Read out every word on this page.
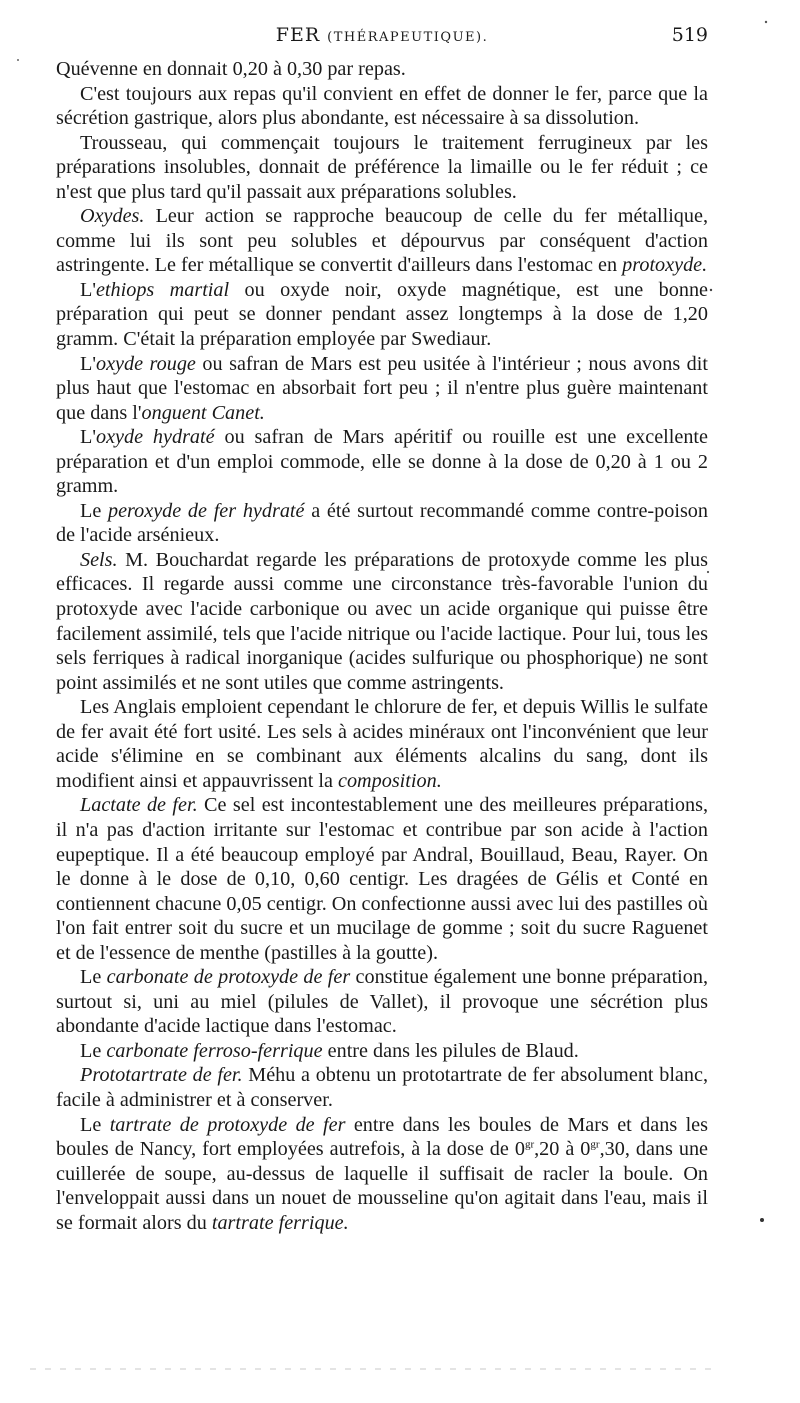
FER (THÉRAPEUTIQUE).	519

Quévenne en donnait 0,20 à 0,30 par repas.

C'est toujours aux repas qu'il convient en effet de donner le fer, parce que la sécrétion gastrique, alors plus abondante, est nécessaire à sa dissolution.

Trousseau, qui commençait toujours le traitement ferrugineux par les préparations insolubles, donnait de préférence la limaille ou le fer réduit ; ce n'est que plus tard qu'il passait aux préparations solubles.

Oxydes. Leur action se rapproche beaucoup de celle du fer métallique, comme lui ils sont peu solubles et dépourvus par conséquent d'action astringente. Le fer métallique se convertit d'ailleurs dans l'estomac en protoxyde.

L'ethiops martial ou oxyde noir, oxyde magnétique, est une bonne préparation qui peut se donner pendant assez longtemps à la dose de 1,20 gramm. C'était la préparation employée par Swediaur.

L'oxyde rouge ou safran de Mars est peu usitée à l'intérieur ; nous avons dit plus haut que l'estomac en absorbait fort peu ; il n'entre plus guère maintenant que dans l'onguent Canet.

L'oxyde hydraté ou safran de Mars apéritif ou rouille est une excellente préparation et d'un emploi commode, elle se donne à la dose de 0,20 à 1 ou 2 gramm.

Le peroxyde de fer hydraté a été surtout recommandé comme contre-poison de l'acide arsénieux.

Sels. M. Bouchardat regarde les préparations de protoxyde comme les plus efficaces. Il regarde aussi comme une circonstance très-favorable l'union du protoxyde avec l'acide carbonique ou avec un acide organique qui puisse être facilement assimilé, tels que l'acide nitrique ou l'acide lactique. Pour lui, tous les sels ferriques à radical inorganique (acides sulfurique ou phosphorique) ne sont point assimilés et ne sont utiles que comme astringents.

Les Anglais emploient cependant le chlorure de fer, et depuis Willis le sulfate de fer avait été fort usité. Les sels à acides minéraux ont l'inconvénient que leur acide s'élimine en se combinant aux éléments alcalins du sang, dont ils modifient ainsi et appauvrissent la composition.

Lactate de fer. Ce sel est incontestablement une des meilleures préparations, il n'a pas d'action irritante sur l'estomac et contribue par son acide à l'action eupeptique. Il a été beaucoup employé par Andral, Bouillaud, Beau, Rayer. On le donne à le dose de 0,10, 0,60 centigr. Les dragées de Gélis et Conté en contiennent chacune 0,05 centigr. On confectionne aussi avec lui des pastilles où l'on fait entrer soit du sucre et un mucilage de gomme ; soit du sucre Raguenet et de l'essence de menthe (pastilles à la goutte).

Le carbonate de protoxyde de fer constitue également une bonne préparation, surtout si, uni au miel (pilules de Vallet), il provoque une sécrétion plus abondante d'acide lactique dans l'estomac.

Le carbonate ferroso-ferrique entre dans les pilules de Blaud.

Prototartrate de fer. Méhu a obtenu un prototartrate de fer absolument blanc, facile à administrer et à conserver.

Le tartrate de protoxyde de fer entre dans les boules de Mars et dans les boules de Nancy, fort employées autrefois, à la dose de $0^{gr},20$ à $0^{gr},30$, dans une cuillerée de soupe, au-dessus de laquelle il suffisait de racler la boule. On l'enveloppait aussi dans un nouet de mousseline qu'on agitait dans l'eau, mais il se formait alors du tartrate ferrique.
